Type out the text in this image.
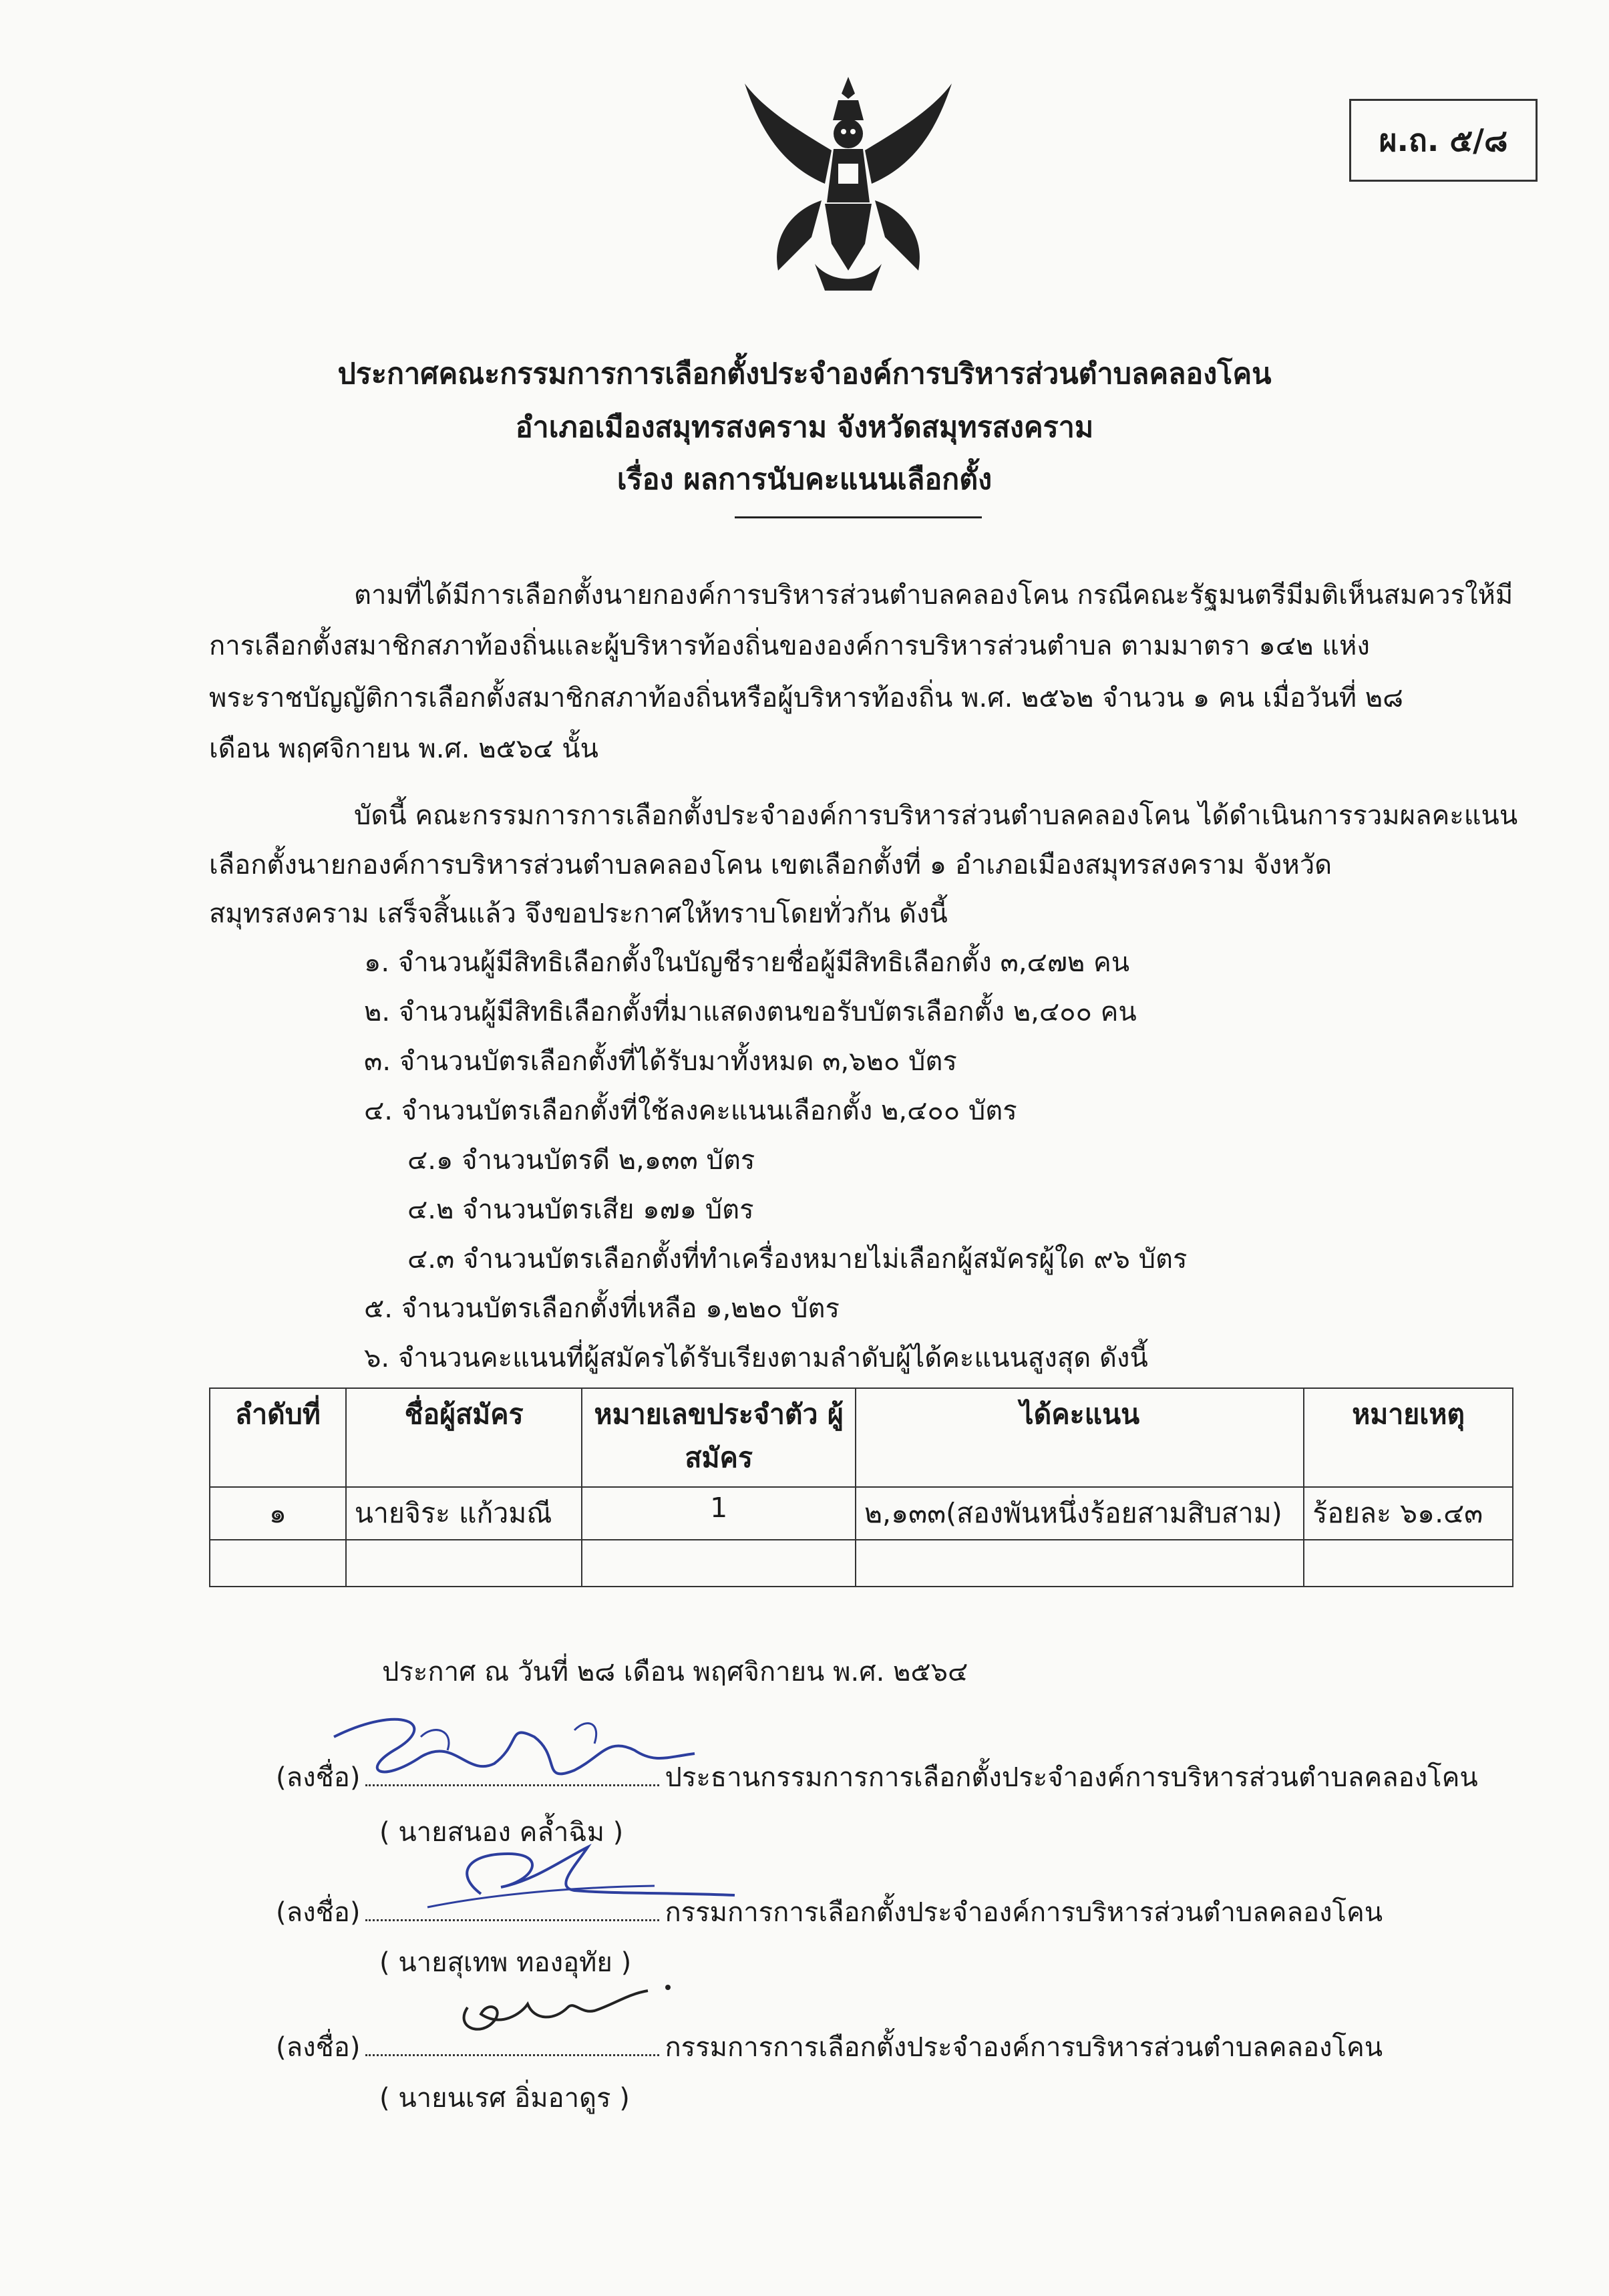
ผ.ถ. ๕/๘
ประกาศคณะกรรมการการเลือกตั้งประจำองค์การบริหารส่วนตำบลคลองโคน
อำเภอเมืองสมุทรสงคราม จังหวัดสมุทรสงคราม
เรื่อง ผลการนับคะแนนเลือกตั้ง
ตามที่ได้มีการเลือกตั้งนายกองค์การบริหารส่วนตำบลคลองโคน กรณีคณะรัฐมนตรีมีมติเห็นสมควรให้มี
การเลือกตั้งสมาชิกสภาท้องถิ่นและผู้บริหารท้องถิ่นขององค์การบริหารส่วนตำบล ตามมาตรา ๑๔๒ แห่ง
พระราชบัญญัติการเลือกตั้งสมาชิกสภาท้องถิ่นหรือผู้บริหารท้องถิ่น พ.ศ. ๒๕๖๒ จำนวน ๑ คน เมื่อวันที่ ๒๘
เดือน พฤศจิกายน พ.ศ. ๒๕๖๔ นั้น
บัดนี้ คณะกรรมการการเลือกตั้งประจำองค์การบริหารส่วนตำบลคลองโคน ได้ดำเนินการรวมผลคะแนน
เลือกตั้งนายกองค์การบริหารส่วนตำบลคลองโคน เขตเลือกตั้งที่ ๑ อำเภอเมืองสมุทรสงคราม จังหวัด
สมุทรสงคราม เสร็จสิ้นแล้ว จึงขอประกาศให้ทราบโดยทั่วกัน ดังนี้
๑. จำนวนผู้มีสิทธิเลือกตั้งในบัญชีรายชื่อผู้มีสิทธิเลือกตั้ง ๓,๔๗๒ คน
๒. จำนวนผู้มีสิทธิเลือกตั้งที่มาแสดงตนขอรับบัตรเลือกตั้ง ๒,๔๐๐ คน
๓. จำนวนบัตรเลือกตั้งที่ได้รับมาทั้งหมด ๓,๖๒๐ บัตร
๔. จำนวนบัตรเลือกตั้งที่ใช้ลงคะแนนเลือกตั้ง ๒,๔๐๐ บัตร
๔.๑ จำนวนบัตรดี ๒,๑๓๓ บัตร
๔.๒ จำนวนบัตรเสีย ๑๗๑ บัตร
๔.๓ จำนวนบัตรเลือกตั้งที่ทำเครื่องหมายไม่เลือกผู้สมัครผู้ใด ๙๖ บัตร
๕. จำนวนบัตรเลือกตั้งที่เหลือ ๑,๒๒๐ บัตร
๖. จำนวนคะแนนที่ผู้สมัครได้รับเรียงตามลำดับผู้ได้คะแนนสูงสุด ดังนี้
ลำดับที่	ชื่อผู้สมัคร	หมายเลขประจำตัว ผู้สมัคร	ได้คะแนน	หมายเหตุ
๑	นายจิระ แก้วมณี	1	๒,๑๓๓(สองพันหนึ่งร้อยสามสิบสาม)	ร้อยละ ๖๑.๔๓

ประกาศ ณ วันที่ ๒๘ เดือน พฤศจิกายน พ.ศ. ๒๕๖๔
(ลงชื่อ)	ประธานกรรมการการเลือกตั้งประจำองค์การบริหารส่วนตำบลคลองโคน
( นายสนอง คล้ำฉิม )
(ลงชื่อ)	กรรมการการเลือกตั้งประจำองค์การบริหารส่วนตำบลคลองโคน
( นายสุเทพ ทองอุทัย )
(ลงชื่อ)	กรรมการการเลือกตั้งประจำองค์การบริหารส่วนตำบลคลองโคน
( นายนเรศ อิ่มอาดูร )
